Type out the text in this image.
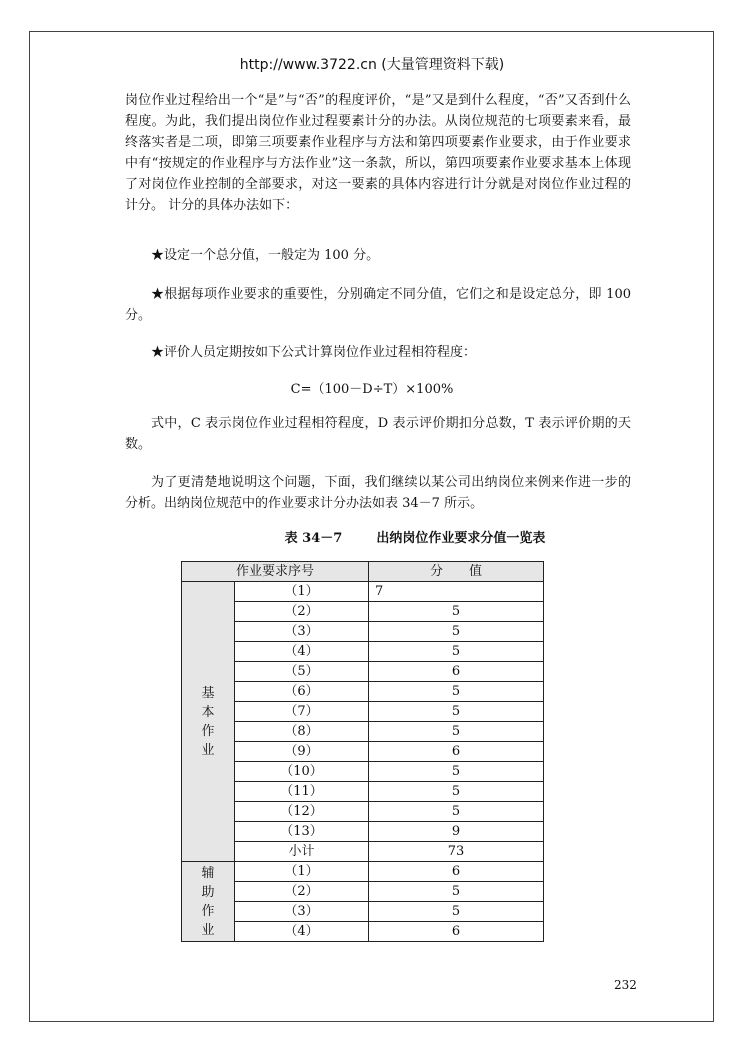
http://www.3722.cn (大量管理资料下载)

岗位作业过程给出一个“是”与“否”的程度评价，“是”又是到什么程度，“否”又否到什么程度。为此，我们提出岗位作业过程要素计分的办法。从岗位规范的七项要素来看，最终落实者是二项，即第三项要素作业程序与方法和第四项要素作业要求，由于作业要求中有“按规定的作业程序与方法作业”这一条款，所以，第四项要素作业要求基本上体现了对岗位作业控制的全部要求，对这一要素的具体内容进行计分就是对岗位作业过程的计分。 计分的具体办法如下：

★设定一个总分值，一般定为 100 分。

★根据每项作业要求的重要性，分别确定不同分值，它们之和是设定总分，即 100 分。

★评价人员定期按如下公式计算岗位作业过程相符程度：

C=（100－D÷T）×100%

式中，C 表示岗位作业过程相符程度，D 表示评价期扣分总数，T 表示评价期的天数。

为了更清楚地说明这个问题，下面，我们继续以某公司出纳岗位来例来作进一步的分析。出纳岗位规范中的作业要求计分办法如表 34－7 所示。

表 34－7	出纳岗位作业要求分值一览表
作业要求序号		分　　值
基本作业	（1）	7
	（2）	5
	（3）	5
	（4）	5
	（5）	6
	（6）	5
	（7）	5
	（8）	5
	（9）	6
	（10）	5
	（11）	5
	（12）	5
	（13）	9
	小计	73
辅助作业	（1）	6
	（2）	5
	（3）	5
	（4）	6
232
